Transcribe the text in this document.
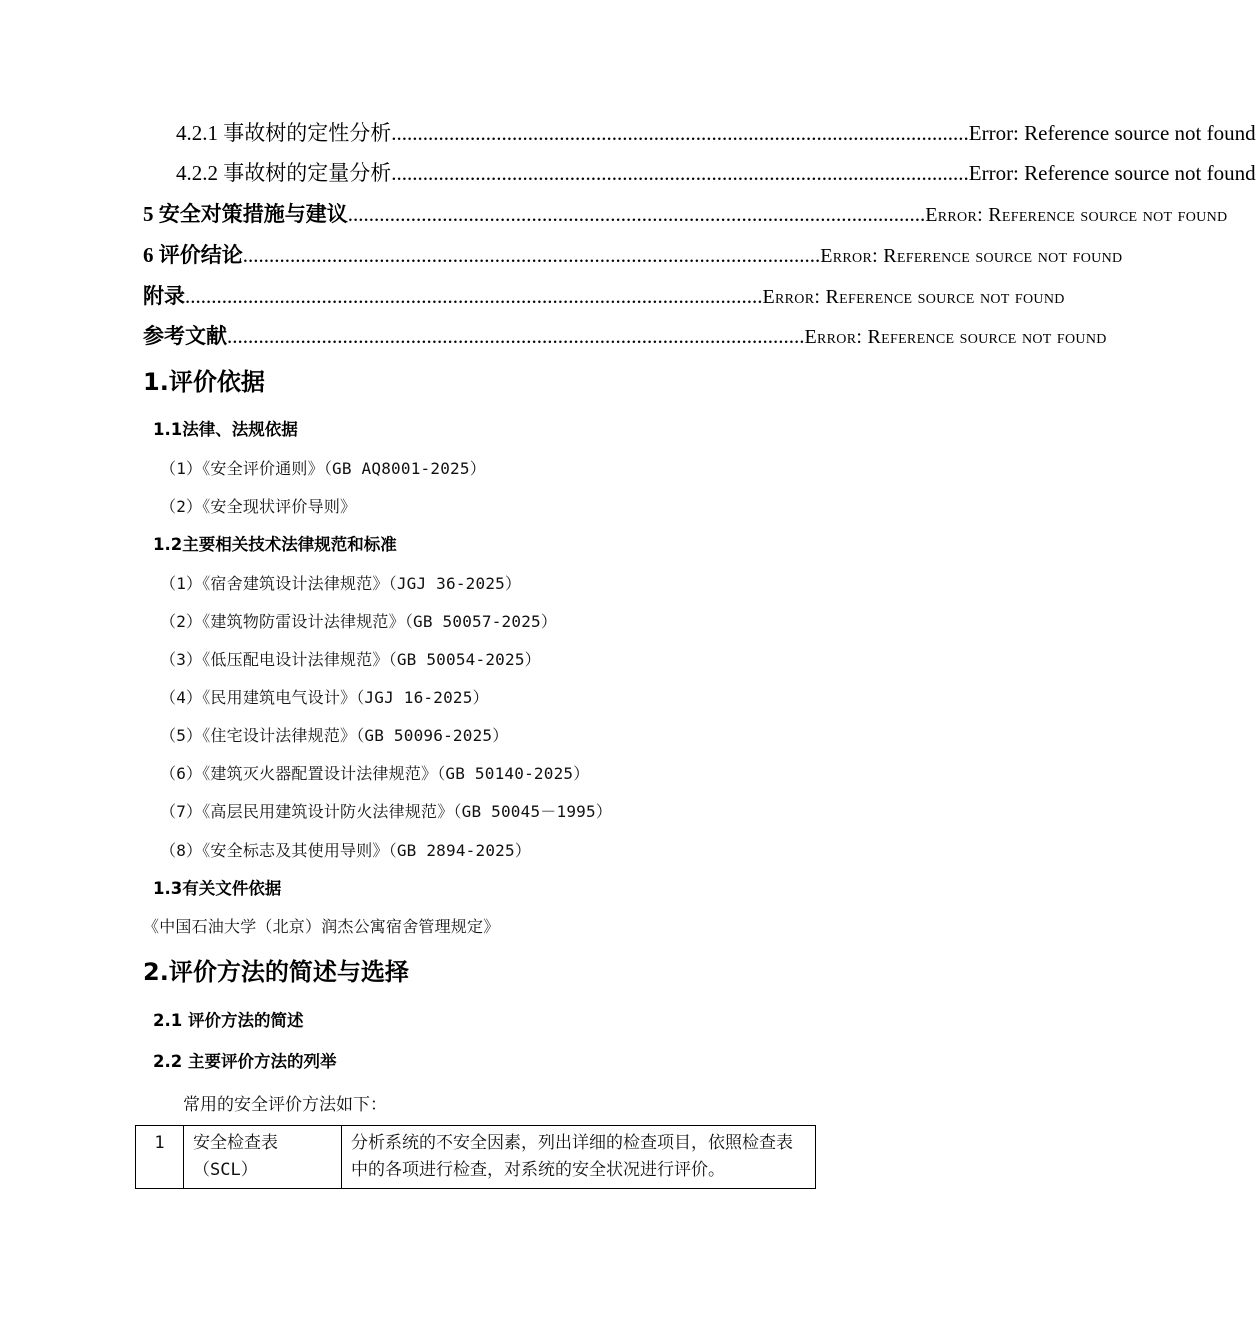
4.2.1 事故树的定性分析 .............................................................................................................. Error: Reference source not found
4.2.2 事故树的定量分析 .............................................................................................................. Error: Reference source not found
5 安全对策措施与建议 .............................................................................................................. Error: Reference source not found
6 评价结论 .............................................................................................................. Error: Reference source not found
附录 .............................................................................................................. Error: Reference source not found
参考文献 .............................................................................................................. Error: Reference source not found
1.评价依据
1.1法律、法规依据
（1）《安全评价通则》（GB AQ8001-2025）
（2）《安全现状评价导则》
1.2主要相关技术法律规范和标准
（1）《宿舍建筑设计法律规范》（JGJ 36-2025）
（2）《建筑物防雷设计法律规范》（GB 50057-2025）
（3）《低压配电设计法律规范》（GB 50054-2025）
（4）《民用建筑电气设计》（JGJ 16-2025）
（5）《住宅设计法律规范》（GB 50096-2025）
（6）《建筑灭火器配置设计法律规范》（GB 50140-2025）
（7）《高层民用建筑设计防火法律规范》（GB 50045－1995）
（8）《安全标志及其使用导则》（GB 2894-2025）
1.3有关文件依据
《中国石油大学（北京）润杰公寓宿舍管理规定》
2.评价方法的简述与选择
2.1 评价方法的简述
2.2 主要评价方法的列举
常用的安全评价方法如下：
1	安全检查表（SCL）	分析系统的不安全因素，列出详细的检查项目，依照检查表中的各项进行检查，对系统的安全状况进行评价。
